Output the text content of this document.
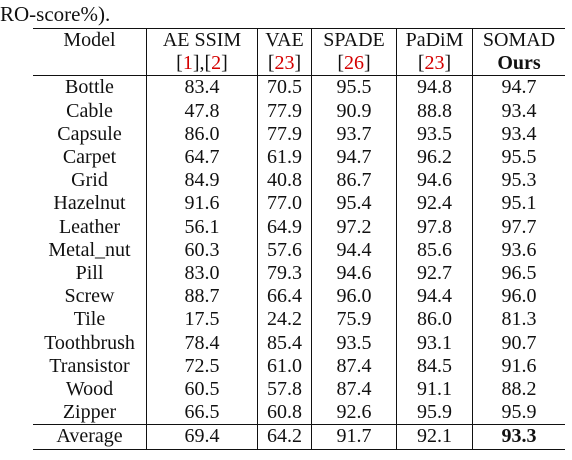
RO-score%).
Model	AE SSIM	VAE	SPADE	PaDiM	SOMAD
	[1],[2]	[23]	[26]	[23]	Ours
Bottle	83.4	70.5	95.5	94.8	94.7
Cable	47.8	77.9	90.9	88.8	93.4
Capsule	86.0	77.9	93.7	93.5	93.4
Carpet	64.7	61.9	94.7	96.2	95.5
Grid	84.9	40.8	86.7	94.6	95.3
Hazelnut	91.6	77.0	95.4	92.4	95.1
Leather	56.1	64.9	97.2	97.8	97.7
Metal_nut	60.3	57.6	94.4	85.6	93.6
Pill	83.0	79.3	94.6	92.7	96.5
Screw	88.7	66.4	96.0	94.4	96.0
Tile	17.5	24.2	75.9	86.0	81.3
Toothbrush	78.4	85.4	93.5	93.1	90.7
Transistor	72.5	61.0	87.4	84.5	91.6
Wood	60.5	57.8	87.4	91.1	88.2
Zipper	66.5	60.8	92.6	95.9	95.9
Average	69.4	64.2	91.7	92.1	93.3
